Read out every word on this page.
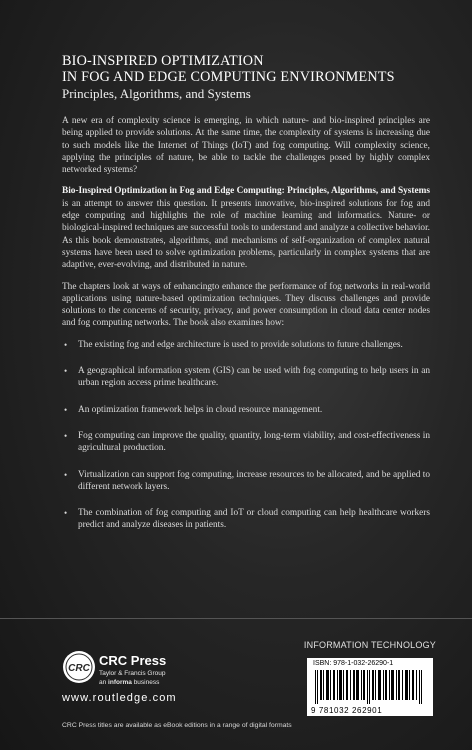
BIO-INSPIRED OPTIMIZATION
IN FOG AND EDGE COMPUTING ENVIRONMENTS
Principles, Algorithms, and Systems

A new era of complexity science is emerging, in which nature- and bio-inspired principles are being applied to provide solutions. At the same time, the complexity of systems is increasing due to such models like the Internet of Things (IoT) and fog computing. Will complexity science, applying the principles of nature, be able to tackle the challenges posed by highly complex networked systems?

Bio-Inspired Optimization in Fog and Edge Computing: Principles, Algorithms, and Systems is an attempt to answer this question. It presents innovative, bio-inspired solutions for fog and edge computing and highlights the role of machine learning and informatics. Nature- or biological-inspired techniques are successful tools to understand and analyze a collective behavior. As this book demonstrates, algorithms, and mechanisms of self-organization of complex natural systems have been used to solve optimization problems, particularly in complex systems that are adaptive, ever-evolving, and distributed in nature.

The chapters look at ways of enhancingto enhance the performance of fog networks in real-world applications using nature-based optimization techniques. They discuss challenges and provide solutions to the concerns of security, privacy, and power consumption in cloud data center nodes and fog computing networks. The book also examines how:

• The existing fog and edge architecture is used to provide solutions to future challenges.
• A geographical information system (GIS) can be used with fog computing to help users in an urban region access prime healthcare.
• An optimization framework helps in cloud resource management.
• Fog computing can improve the quality, quantity, long-term viability, and cost-effectiveness in agricultural production.
• Virtualization can support fog computing, increase resources to be allocated, and be applied to different network layers.
• The combination of fog computing and IoT or cloud computing can help healthcare workers predict and analyze diseases in patients.
INFORMATION TECHNOLOGY
ISBN: 978-1-032-26290-1
9 781032 262901
CRC
CRC Press
Taylor & Francis Group
an informa business
www.routledge.com
CRC Press titles are available as eBook editions in a range of digital formats
